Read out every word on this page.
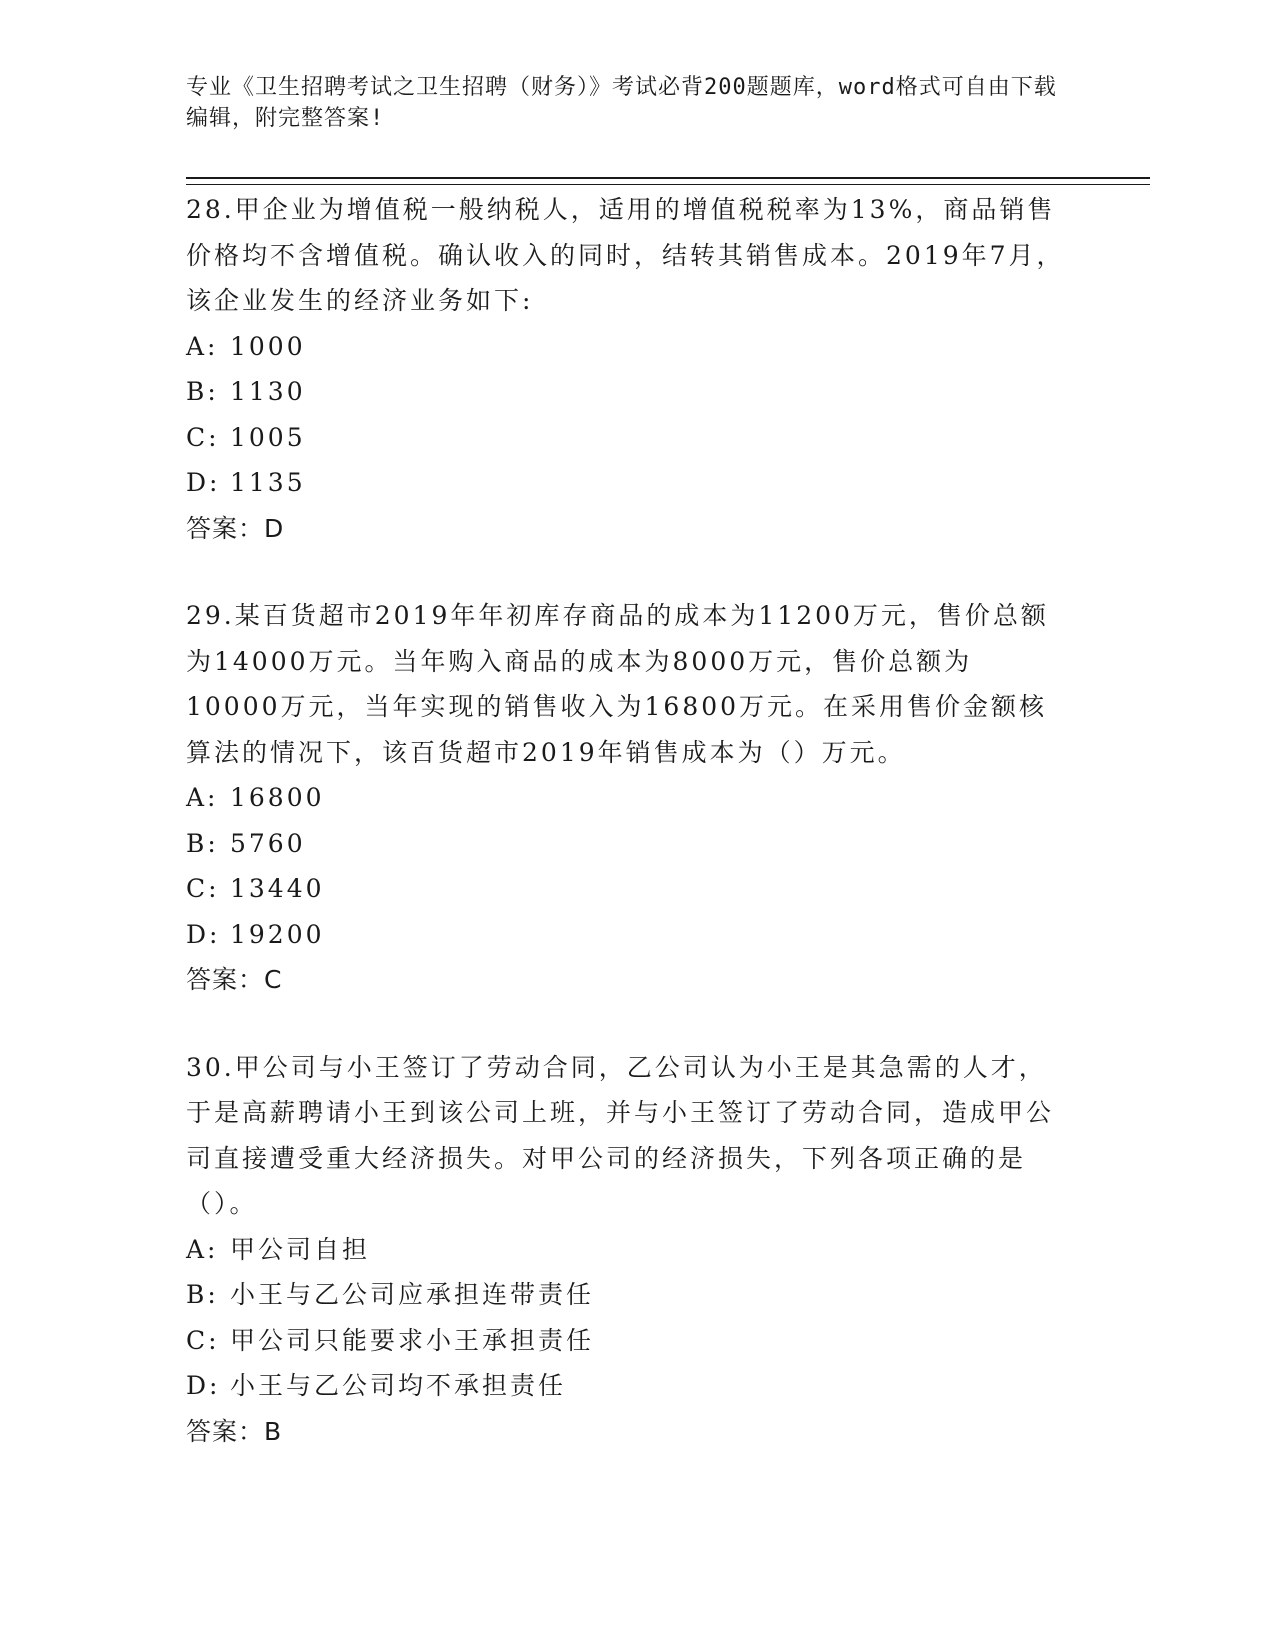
专业《卫生招聘考试之卫生招聘（财务）》考试必背200题题库，word格式可自由下载编辑，附完整答案!

28.甲企业为增值税一般纳税人，适用的增值税税率为13%，商品销售价格均不含增值税。确认收入的同时，结转其销售成本。2019年7月，该企业发生的经济业务如下:

A: 1000

B: 1130

C: 1005

D: 1135

答案：D

29.某百货超市2019年年初库存商品的成本为11200万元，售价总额为14000万元。当年购入商品的成本为8000万元，售价总额为10000万元，当年实现的销售收入为16800万元。在采用售价金额核算法的情况下，该百货超市2019年销售成本为（）万元。

A: 16800

B: 5760

C: 13440

D: 19200

答案：C

30.甲公司与小王签订了劳动合同，乙公司认为小王是其急需的人才，于是高薪聘请小王到该公司上班，并与小王签订了劳动合同，造成甲公司直接遭受重大经济损失。对甲公司的经济损失，下列各项正确的是（）。

A: 甲公司自担

B: 小王与乙公司应承担连带责任

C: 甲公司只能要求小王承担责任

D: 小王与乙公司均不承担责任

答案：B
